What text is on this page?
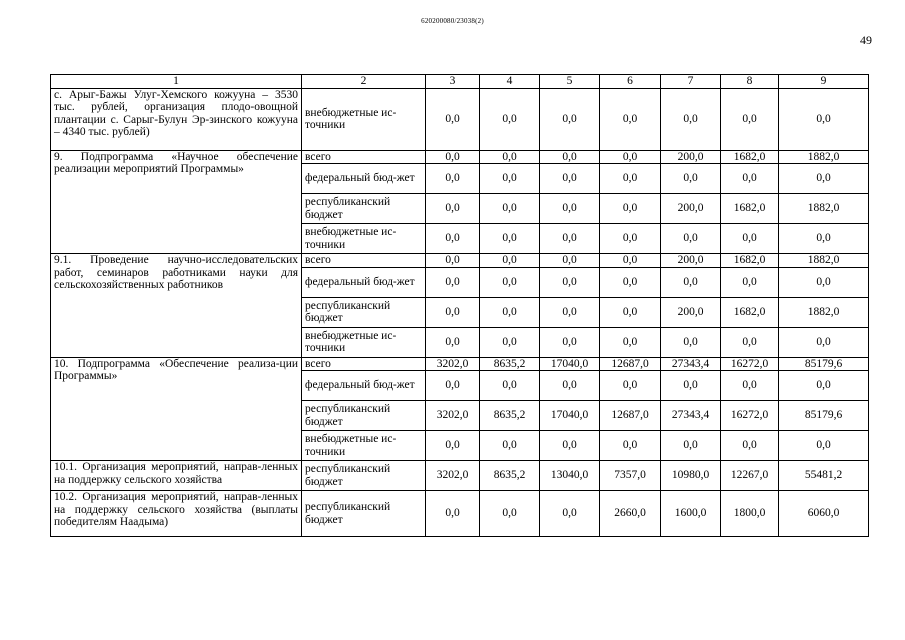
620200080/23038(2)
49
1	2	3	4	5	6	7	8	9
с. Арыг-Бажы Улуг-Хемского кожууна – 3530 тыс. рублей, организация плодо-овощной плантации с. Сарыг-Булун Эр-зинского кожууна – 4340 тыс. рублей)	внебюджетные ис-точники	0,0	0,0	0,0	0,0	0,0	0,0	0,0
9. Подпрограмма «Научное обеспечение реализации мероприятий Программы»	всего	0,0	0,0	0,0	0,0	200,0	1682,0	1882,0
	федеральный бюд-жет	0,0	0,0	0,0	0,0	0,0	0,0	0,0
	республиканский бюджет	0,0	0,0	0,0	0,0	200,0	1682,0	1882,0
	внебюджетные ис-точники	0,0	0,0	0,0	0,0	0,0	0,0	0,0
9.1. Проведение научно-исследовательских работ, семинаров работниками науки для сельскохозяйственных работников	всего	0,0	0,0	0,0	0,0	200,0	1682,0	1882,0
	федеральный бюд-жет	0,0	0,0	0,0	0,0	0,0	0,0	0,0
	республиканский бюджет	0,0	0,0	0,0	0,0	200,0	1682,0	1882,0
	внебюджетные ис-точники	0,0	0,0	0,0	0,0	0,0	0,0	0,0
10. Подпрограмма «Обеспечение реализа-ции Программы»	всего	3202,0	8635,2	17040,0	12687,0	27343,4	16272,0	85179,6
	федеральный бюд-жет	0,0	0,0	0,0	0,0	0,0	0,0	0,0
	республиканский бюджет	3202,0	8635,2	17040,0	12687,0	27343,4	16272,0	85179,6
	внебюджетные ис-точники	0,0	0,0	0,0	0,0	0,0	0,0	0,0
10.1. Организация мероприятий, направ-ленных на поддержку сельского хозяйства	республиканский бюджет	3202,0	8635,2	13040,0	7357,0	10980,0	12267,0	55481,2
10.2. Организация мероприятий, направ-ленных на поддержку сельского хозяйства (выплаты победителям Наадыма)	республиканский бюджет	0,0	0,0	0,0	2660,0	1600,0	1800,0	6060,0
